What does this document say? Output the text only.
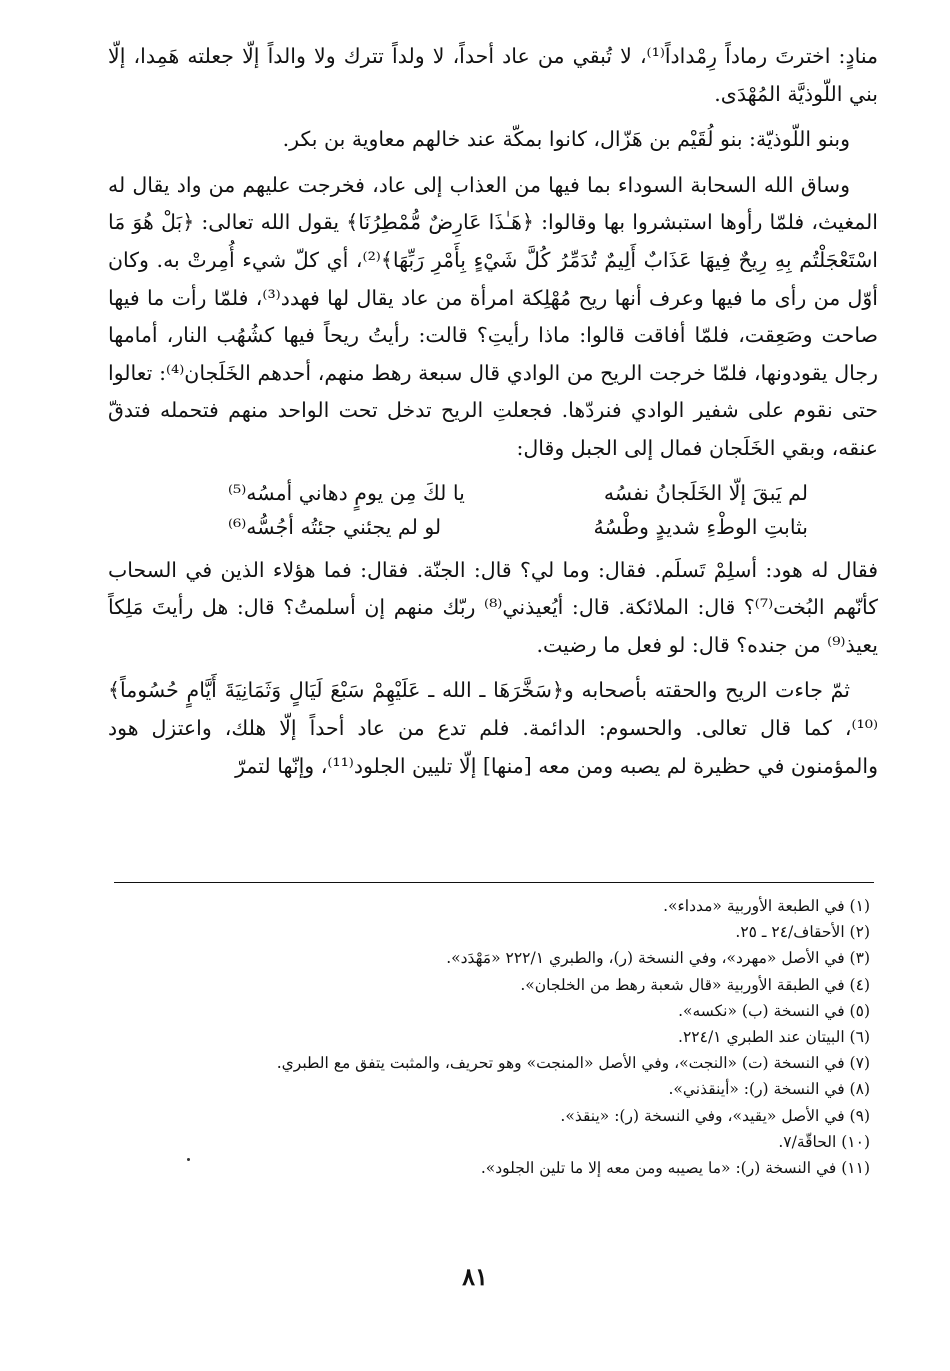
منادٍ: اخترتَ رماداً رِمْداداً⁽¹⁾، لا تُبقي من عاد أحداً، لا ولداً تترك ولا والداً إلّا جعلته هَمِدا، إلّا بني اللّوذيَّة المُهْدَى.

وبنو اللّوذيّة: بنو لُقَيْم بن هَزّال، كانوا بمكّة عند خالهم معاوية بن بكر.

وساق الله السحابة السوداء بما فيها من العذاب إلى عاد، فخرجت عليهم من واد يقال له المغيث، فلمّا رأوها استبشروا بها وقالوا: ﴿هَـٰذَا عَارِضٌ مُّمْطِرُنَا﴾ يقول الله تعالى: ﴿بَلْ هُوَ مَا اسْتَعْجَلْتُم بِهِ رِيحٌ فِيهَا عَذَابٌ أَلِيمٌ تُدَمِّرُ كُلَّ شَيْءٍ بِأَمْرِ رَبِّهَا﴾⁽²⁾، أي كلّ شيء أُمِرتْ به. وكان أوّل من رأى ما فيها وعرف أنها ريح مُهْلِكة امرأة من عاد يقال لها فهدد⁽³⁾، فلمّا رأت ما فيها صاحت وصَعِقت، فلمّا أفاقت قالوا: ماذا رأيتِ؟ قالت: رأيتُ ريحاً فيها كشُهُب النار، أمامها رجال يقودونها، فلمّا خرجت الريح من الوادي قال سبعة رهط منهم، أحدهم الخَلَجان⁽⁴⁾: تعالوا حتى نقوم على شفير الوادي فنردّها. فجعلتِ الريح تدخل تحت الواحد منهم فتحمله فتدقّ عنقه، وبقي الخَلَجان فمال إلى الجبل وقال:

لم يَبقَ إلّا الخَلَجانُ نفسُه
يا لكَ مِن يومٍ دهاني أمسُه⁽⁵⁾
بثابتِ الوطْءِ شديدٍ وطْسُهُ
لو لم يجئني جئتُه أجُسُّه⁽⁶⁾

فقال له هود: أسلِمْ تَسلَم. فقال: وما لي؟ قال: الجنّة. فقال: فما هؤلاء الذين في السحاب كأنّهم البُخت⁽⁷⁾؟ قال: الملائكة. قال: أيُعيذني⁽⁸⁾ ربّك منهم إن أسلمتُ؟ قال: هل رأيتَ مَلِكاً يعيذ⁽⁹⁾ من جنده؟ قال: لو فعل ما رضيت.

ثمّ جاءت الريح والحقته بأصحابه و﴿سَخَّرَهَا ـ الله ـ عَلَيْهِمْ سَبْعَ لَيَالٍ وَثَمَانِيَةَ أَيَّامٍ حُسُوماً﴾⁽¹⁰⁾، كما قال تعالى. والحسوم: الدائمة. فلم تدع من عاد أحداً إلّا هلك، واعتزل هود والمؤمنون في حظيرة لم يصبه ومن معه [منها] إلّا تليين الجلود⁽¹¹⁾، وإنّها لتمرّ

(١) في الطبعة الأوربية «مدداء».
(٢) الأحقاف/٢٤ ـ ٢٥.
(٣) في الأصل «مهرد»، وفي النسخة (ر)، والطبري ٢٢٢/١ «مَهْدَد».
(٤) في الطبقة الأوربية «قال شعبة رهط من الخلجان».
(٥) في النسخة (ب) «نكسه».
(٦) البيتان عند الطبري ٢٢٤/١.
(٧) في النسخة (ت) «النجت»، وفي الأصل «المنجت» وهو تحريف، والمثبت يتفق مع الطبري.
(٨) في النسخة (ر): «أينقذني».
(٩) في الأصل «يقيد»، وفي النسخة (ر): «ينقذ».
(١٠) الحاقّة/٧.
(١١) في النسخة (ر): «ما يصيبه ومن معه إلا ما تلين الجلود».
٨١
